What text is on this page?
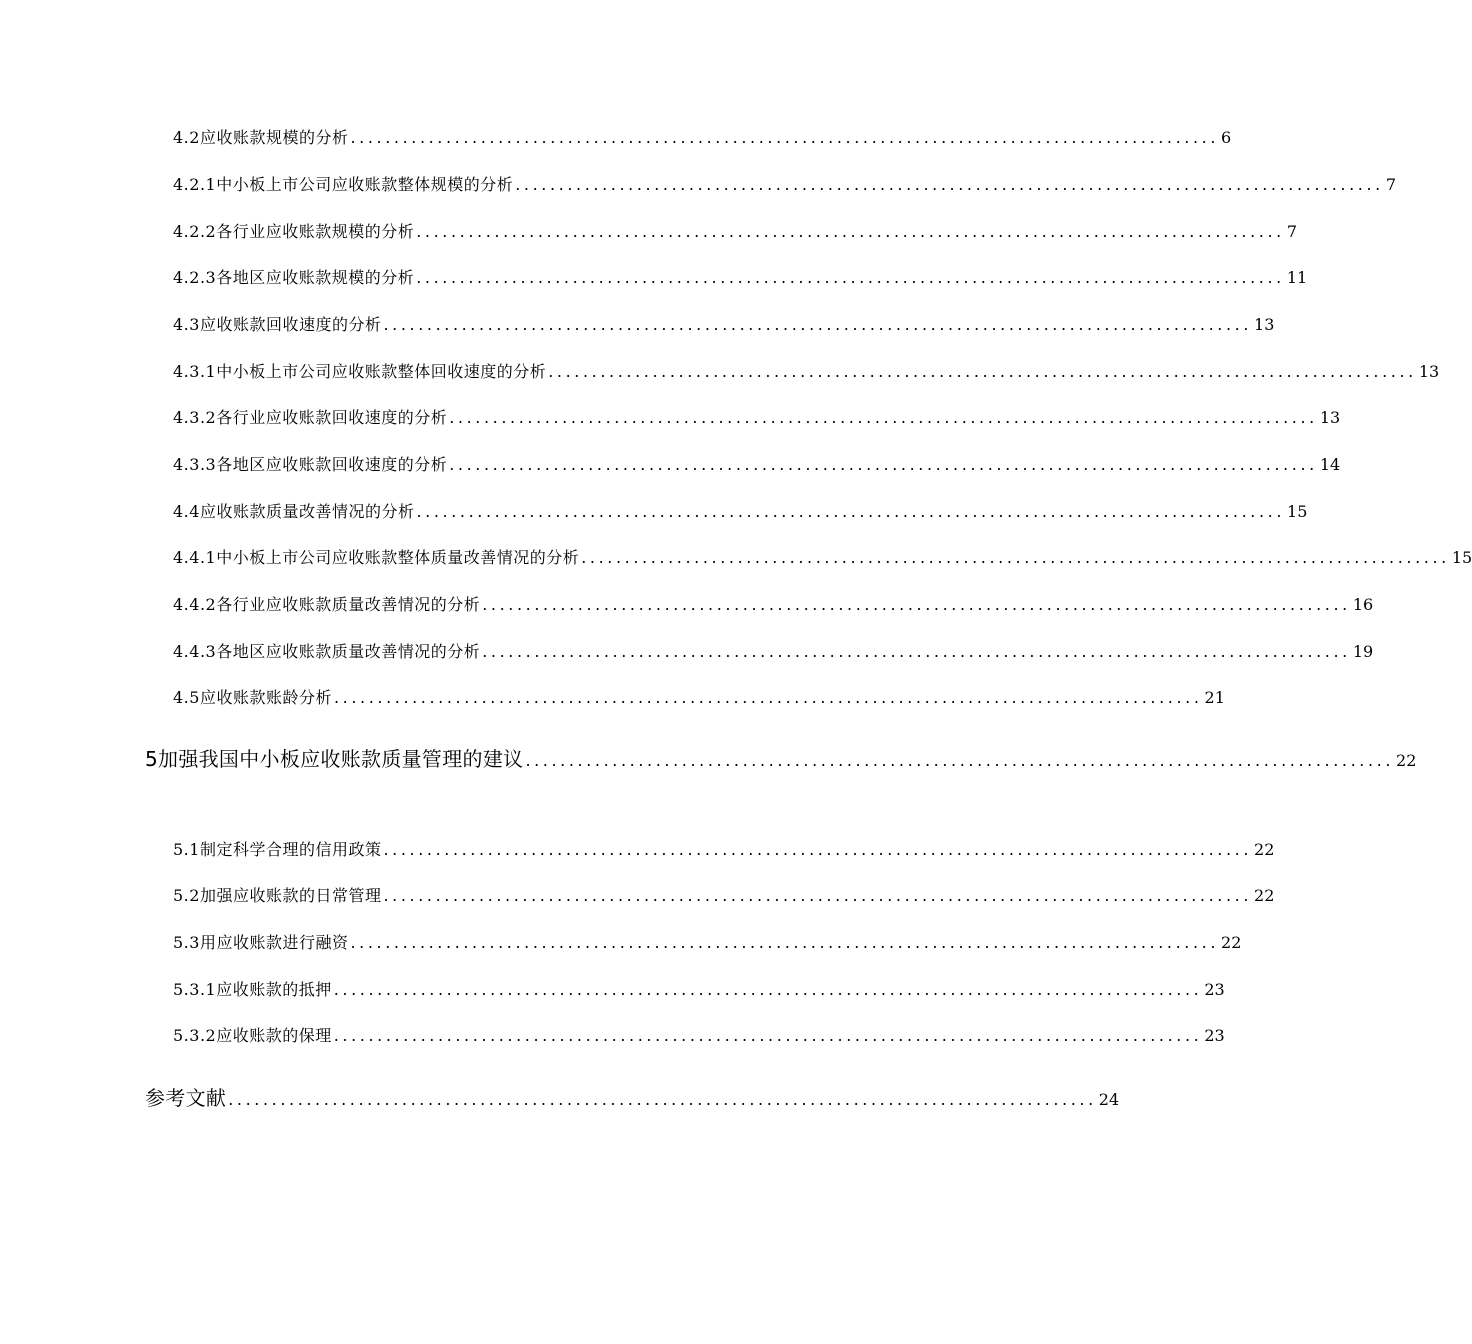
4.2应收账款规模的分析 .................................................................................................... 6
4.2.1中小板上市公司应收账款整体规模的分析 .................................................................................................... 7
4.2.2各行业应收账款规模的分析 .................................................................................................... 7
4.2.3各地区应收账款规模的分析 .................................................................................................... 11
4.3应收账款回收速度的分析 .................................................................................................... 13
4.3.1中小板上市公司应收账款整体回收速度的分析 .................................................................................................... 13
4.3.2各行业应收账款回收速度的分析 .................................................................................................... 13
4.3.3各地区应收账款回收速度的分析 .................................................................................................... 14
4.4应收账款质量改善情况的分析 .................................................................................................... 15
4.4.1中小板上市公司应收账款整体质量改善情况的分析 .................................................................................................... 15
4.4.2各行业应收账款质量改善情况的分析 .................................................................................................... 16
4.4.3各地区应收账款质量改善情况的分析 .................................................................................................... 19
4.5应收账款账龄分析 .................................................................................................... 21
5加强我国中小板应收账款质量管理的建议 .................................................................................................... 22
5.1制定科学合理的信用政策 .................................................................................................... 22
5.2加强应收账款的日常管理 .................................................................................................... 22
5.3用应收账款进行融资 .................................................................................................... 22
5.3.1应收账款的抵押 .................................................................................................... 23
5.3.2应收账款的保理 .................................................................................................... 23
参考文献 .................................................................................................... 24
